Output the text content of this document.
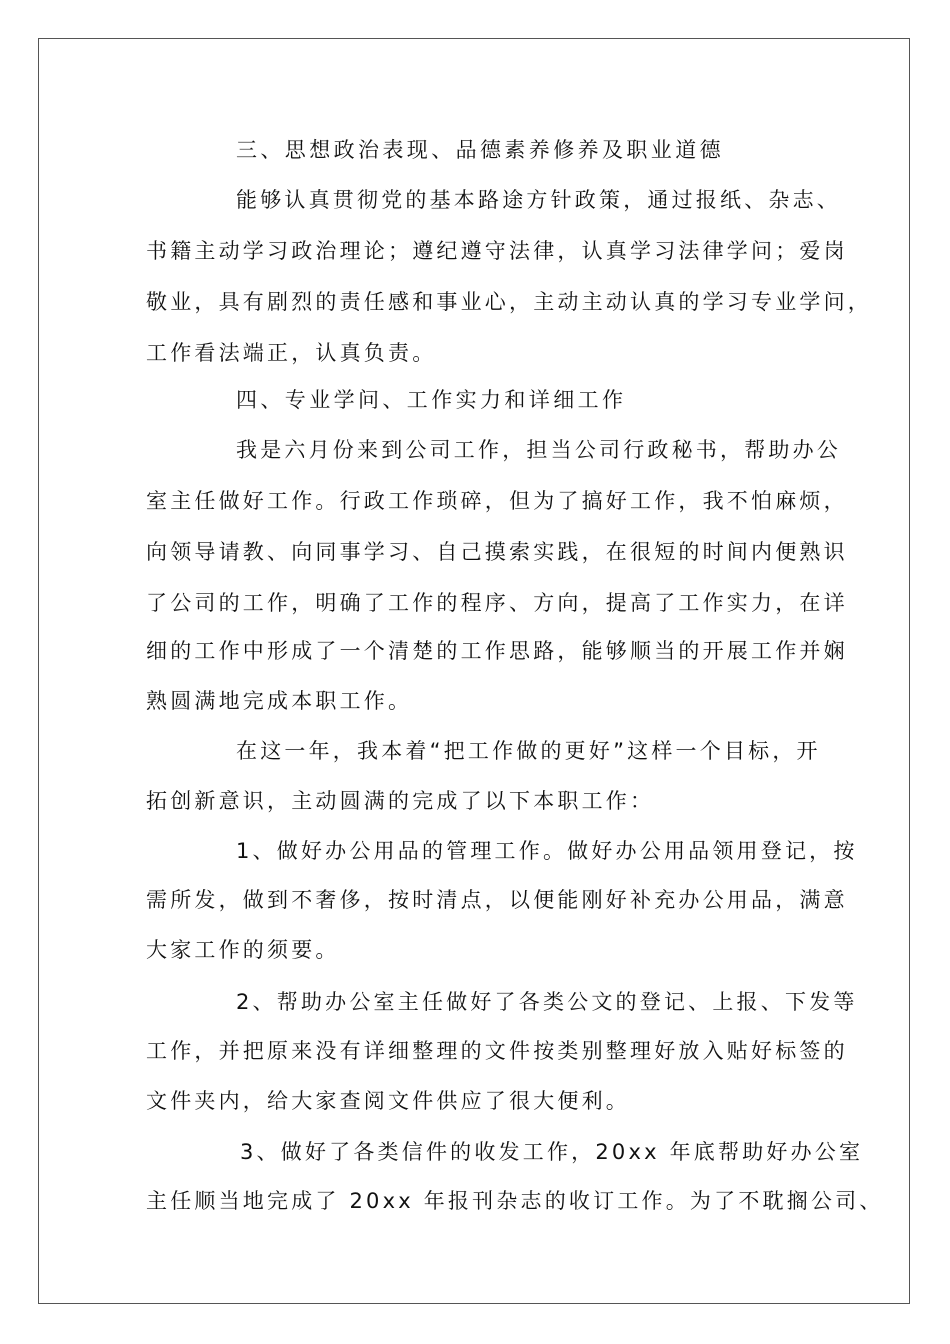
三、思想政治表现、品德素养修养及职业道德
能够认真贯彻党的基本路途方针政策，通过报纸、杂志、
书籍主动学习政治理论；遵纪遵守法律，认真学习法律学问；爱岗
敬业，具有剧烈的责任感和事业心，主动主动认真的学习专业学问，
工作看法端正，认真负责。
四、专业学问、工作实力和详细工作
我是六月份来到公司工作，担当公司行政秘书，帮助办公
室主任做好工作。行政工作琐碎，但为了搞好工作，我不怕麻烦，
向领导请教、向同事学习、自己摸索实践，在很短的时间内便熟识
了公司的工作，明确了工作的程序、方向，提高了工作实力，在详
细的工作中形成了一个清楚的工作思路，能够顺当的开展工作并娴
熟圆满地完成本职工作。
在这一年，我本着“把工作做的更好”这样一个目标，开
拓创新意识，主动圆满的完成了以下本职工作：
1、做好办公用品的管理工作。做好办公用品领用登记，按
需所发，做到不奢侈，按时清点，以便能刚好补充办公用品，满意
大家工作的须要。
2、帮助办公室主任做好了各类公文的登记、上报、下发等
工作，并把原来没有详细整理的文件按类别整理好放入贴好标签的
文件夹内，给大家查阅文件供应了很大便利。
3、做好了各类信件的收发工作，20xx 年底帮助好办公室
主任顺当地完成了 20xx 年报刊杂志的收订工作。为了不耽搁公司、
